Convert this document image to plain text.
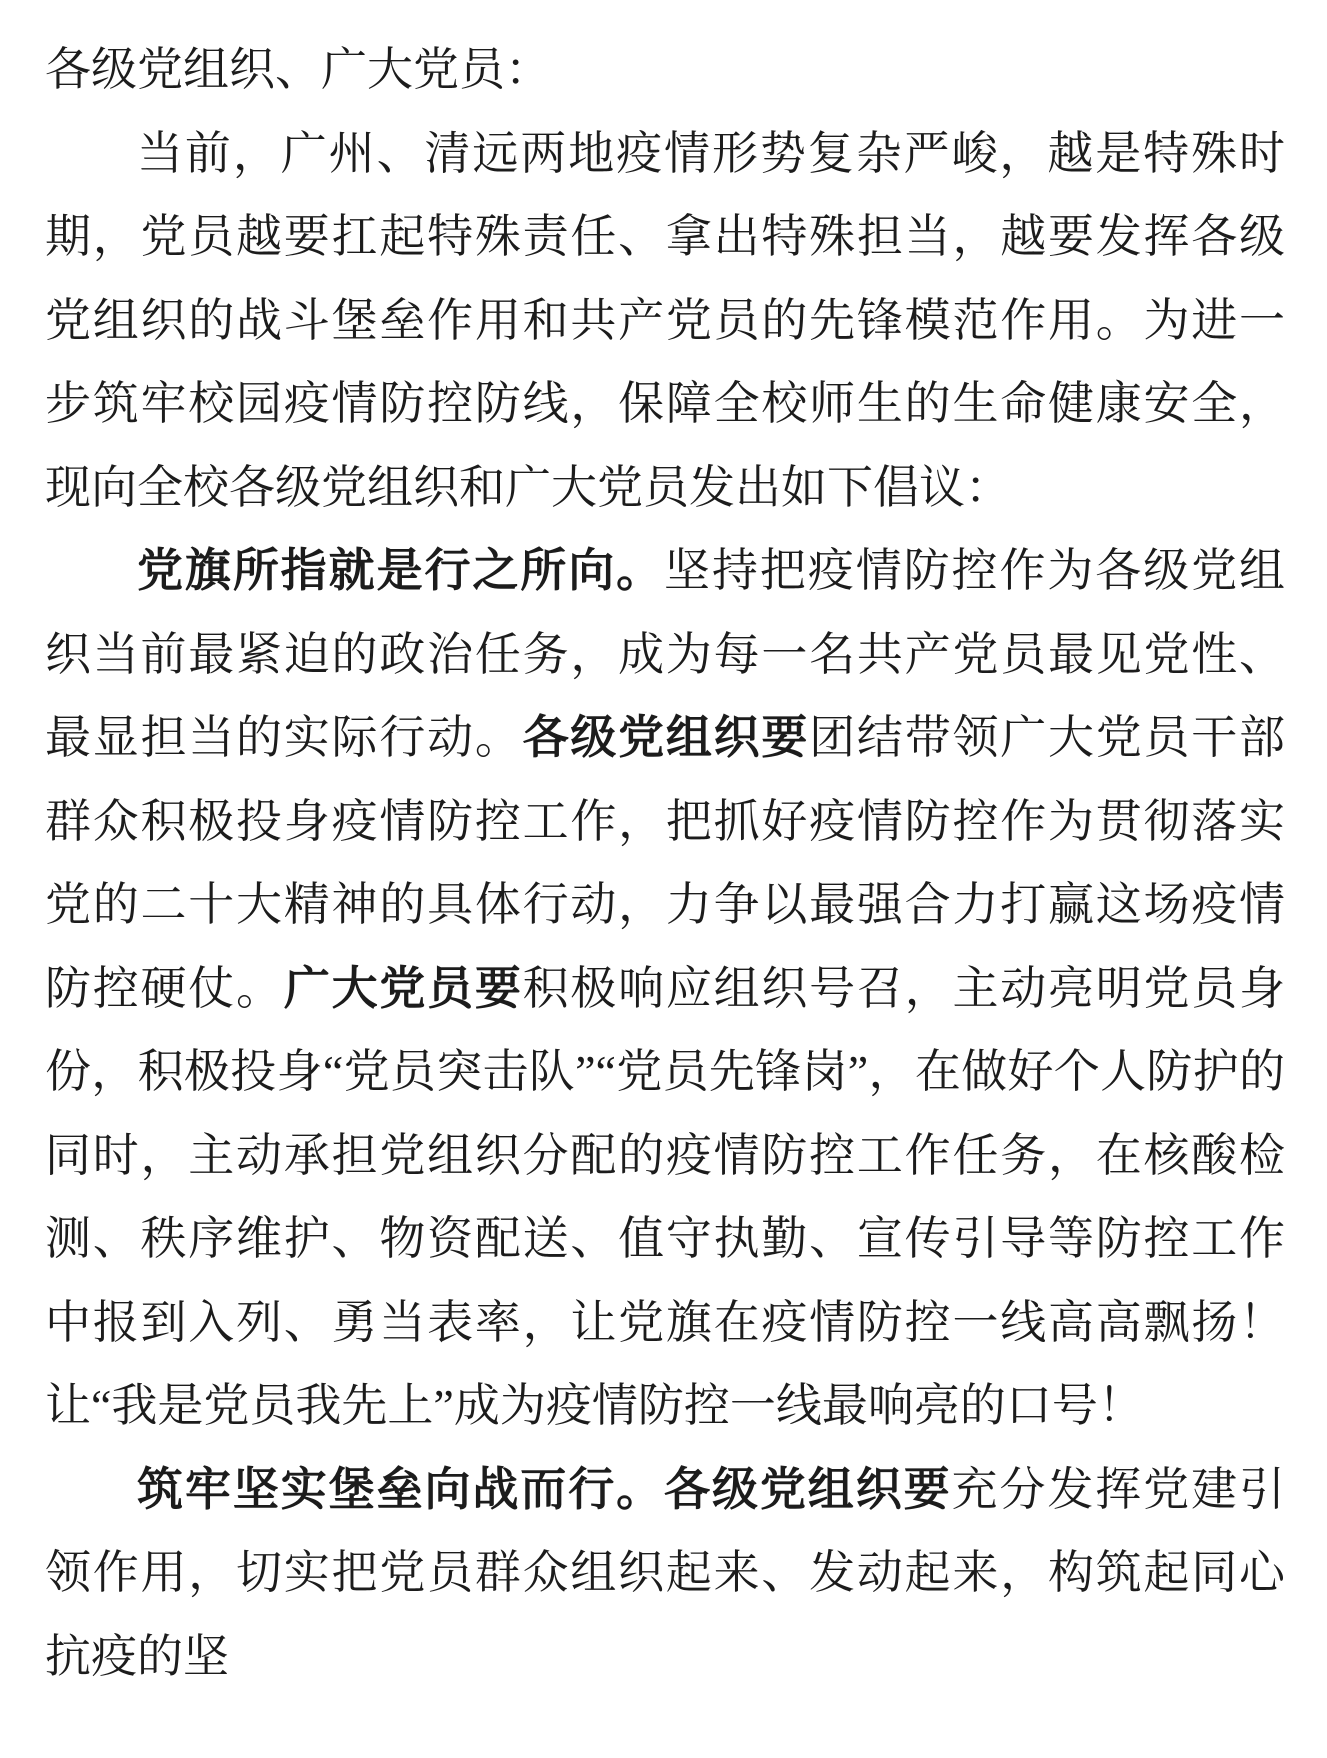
各级党组织、广大党员：

当前，广州、清远两地疫情形势复杂严峻，越是特殊时期，党员越要扛起特殊责任、拿出特殊担当，越要发挥各级党组织的战斗堡垒作用和共产党员的先锋模范作用。为进一步筑牢校园疫情防控防线，保障全校师生的生命健康安全，现向全校各级党组织和广大党员发出如下倡议：

党旗所指就是行之所向。坚持把疫情防控作为各级党组织当前最紧迫的政治任务，成为每一名共产党员最见党性、最显担当的实际行动。各级党组织要团结带领广大党员干部群众积极投身疫情防控工作，把抓好疫情防控作为贯彻落实党的二十大精神的具体行动，力争以最强合力打赢这场疫情防控硬仗。广大党员要积极响应组织号召，主动亮明党员身份，积极投身“党员突击队”“党员先锋岗”，在做好个人防护的同时，主动承担党组织分配的疫情防控工作任务，在核酸检测、秩序维护、物资配送、值守执勤、宣传引导等防控工作中报到入列、勇当表率，让党旗在疫情防控一线高高飘扬！让“我是党员我先上”成为疫情防控一线最响亮的口号！

筑牢坚实堡垒向战而行。各级党组织要充分发挥党建引领作用，切实把党员群众组织起来、发动起来，构筑起同心抗疫的坚
